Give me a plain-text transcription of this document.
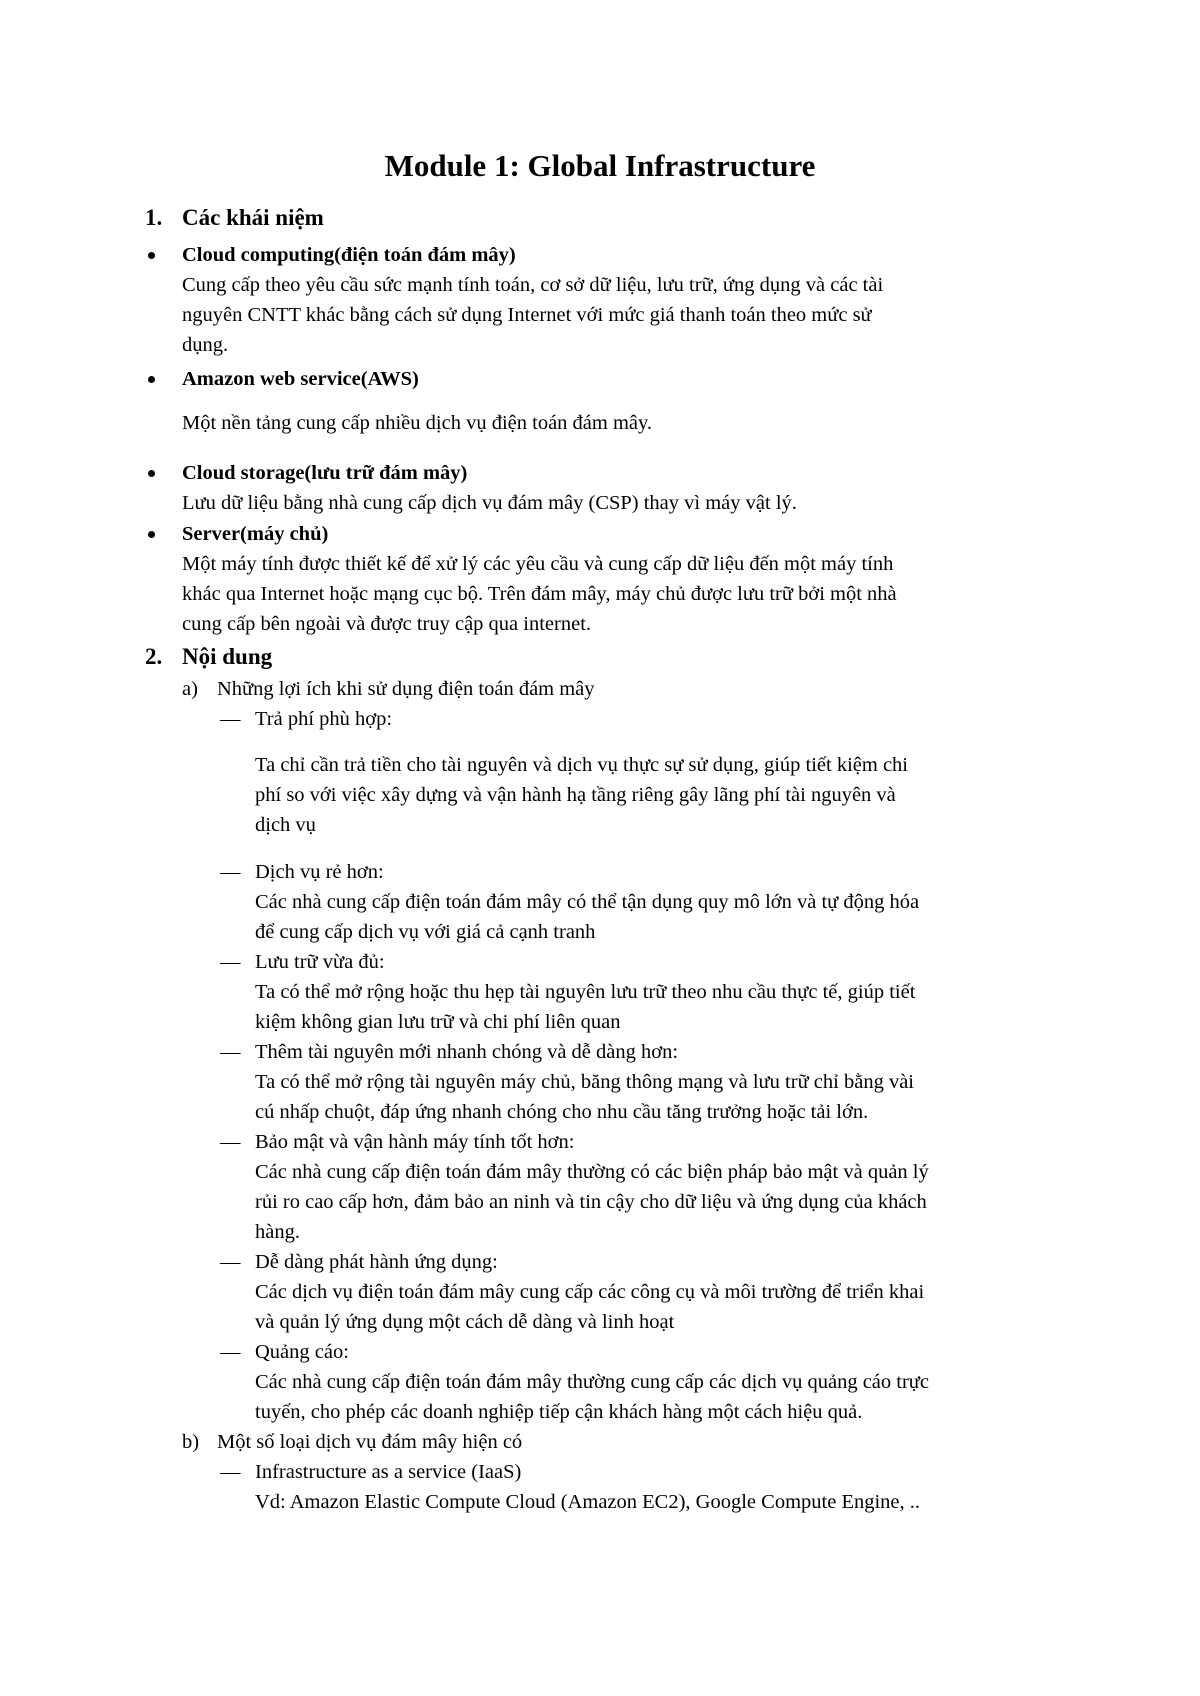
Module 1: Global Infrastructure
1. Các khái niệm
Cloud computing(điện toán đám mây)
Cung cấp theo yêu cầu sức mạnh tính toán, cơ sở dữ liệu, lưu trữ, ứng dụng và các tài
nguyên CNTT khác bằng cách sử dụng Internet với mức giá thanh toán theo mức sử
dụng.
Amazon web service(AWS)
Một nền tảng cung cấp nhiều dịch vụ điện toán đám mây.
Cloud storage(lưu trữ đám mây)
Lưu dữ liệu bằng nhà cung cấp dịch vụ đám mây (CSP) thay vì máy vật lý.
Server(máy chủ)
Một máy tính được thiết kế để xử lý các yêu cầu và cung cấp dữ liệu đến một máy tính
khác qua Internet hoặc mạng cục bộ. Trên đám mây, máy chủ được lưu trữ bởi một nhà
cung cấp bên ngoài và được truy cập qua internet.
2. Nội dung
a) Những lợi ích khi sử dụng điện toán đám mây
— Trả phí phù hợp:
Ta chỉ cần trả tiền cho tài nguyên và dịch vụ thực sự sử dụng, giúp tiết kiệm chi
phí so với việc xây dựng và vận hành hạ tầng riêng gây lãng phí tài nguyên và
dịch vụ
— Dịch vụ rẻ hơn:
Các nhà cung cấp điện toán đám mây có thể tận dụng quy mô lớn và tự động hóa
để cung cấp dịch vụ với giá cả cạnh tranh
— Lưu trữ vừa đủ:
Ta có thể mở rộng hoặc thu hẹp tài nguyên lưu trữ theo nhu cầu thực tế, giúp tiết
kiệm không gian lưu trữ và chi phí liên quan
— Thêm tài nguyên mới nhanh chóng và dễ dàng hơn:
Ta có thể mở rộng tài nguyên máy chủ, băng thông mạng và lưu trữ chỉ bằng vài
cú nhấp chuột, đáp ứng nhanh chóng cho nhu cầu tăng trưởng hoặc tải lớn.
— Bảo mật và vận hành máy tính tốt hơn:
Các nhà cung cấp điện toán đám mây thường có các biện pháp bảo mật và quản lý
rủi ro cao cấp hơn, đảm bảo an ninh và tin cậy cho dữ liệu và ứng dụng của khách
hàng.
— Dễ dàng phát hành ứng dụng:
Các dịch vụ điện toán đám mây cung cấp các công cụ và môi trường để triển khai
và quản lý ứng dụng một cách dễ dàng và linh hoạt
— Quảng cáo:
Các nhà cung cấp điện toán đám mây thường cung cấp các dịch vụ quảng cáo trực
tuyến, cho phép các doanh nghiệp tiếp cận khách hàng một cách hiệu quả.
b) Một số loại dịch vụ đám mây hiện có
— Infrastructure as a service (IaaS)
Vd: Amazon Elastic Compute Cloud (Amazon EC2), Google Compute Engine, ..
